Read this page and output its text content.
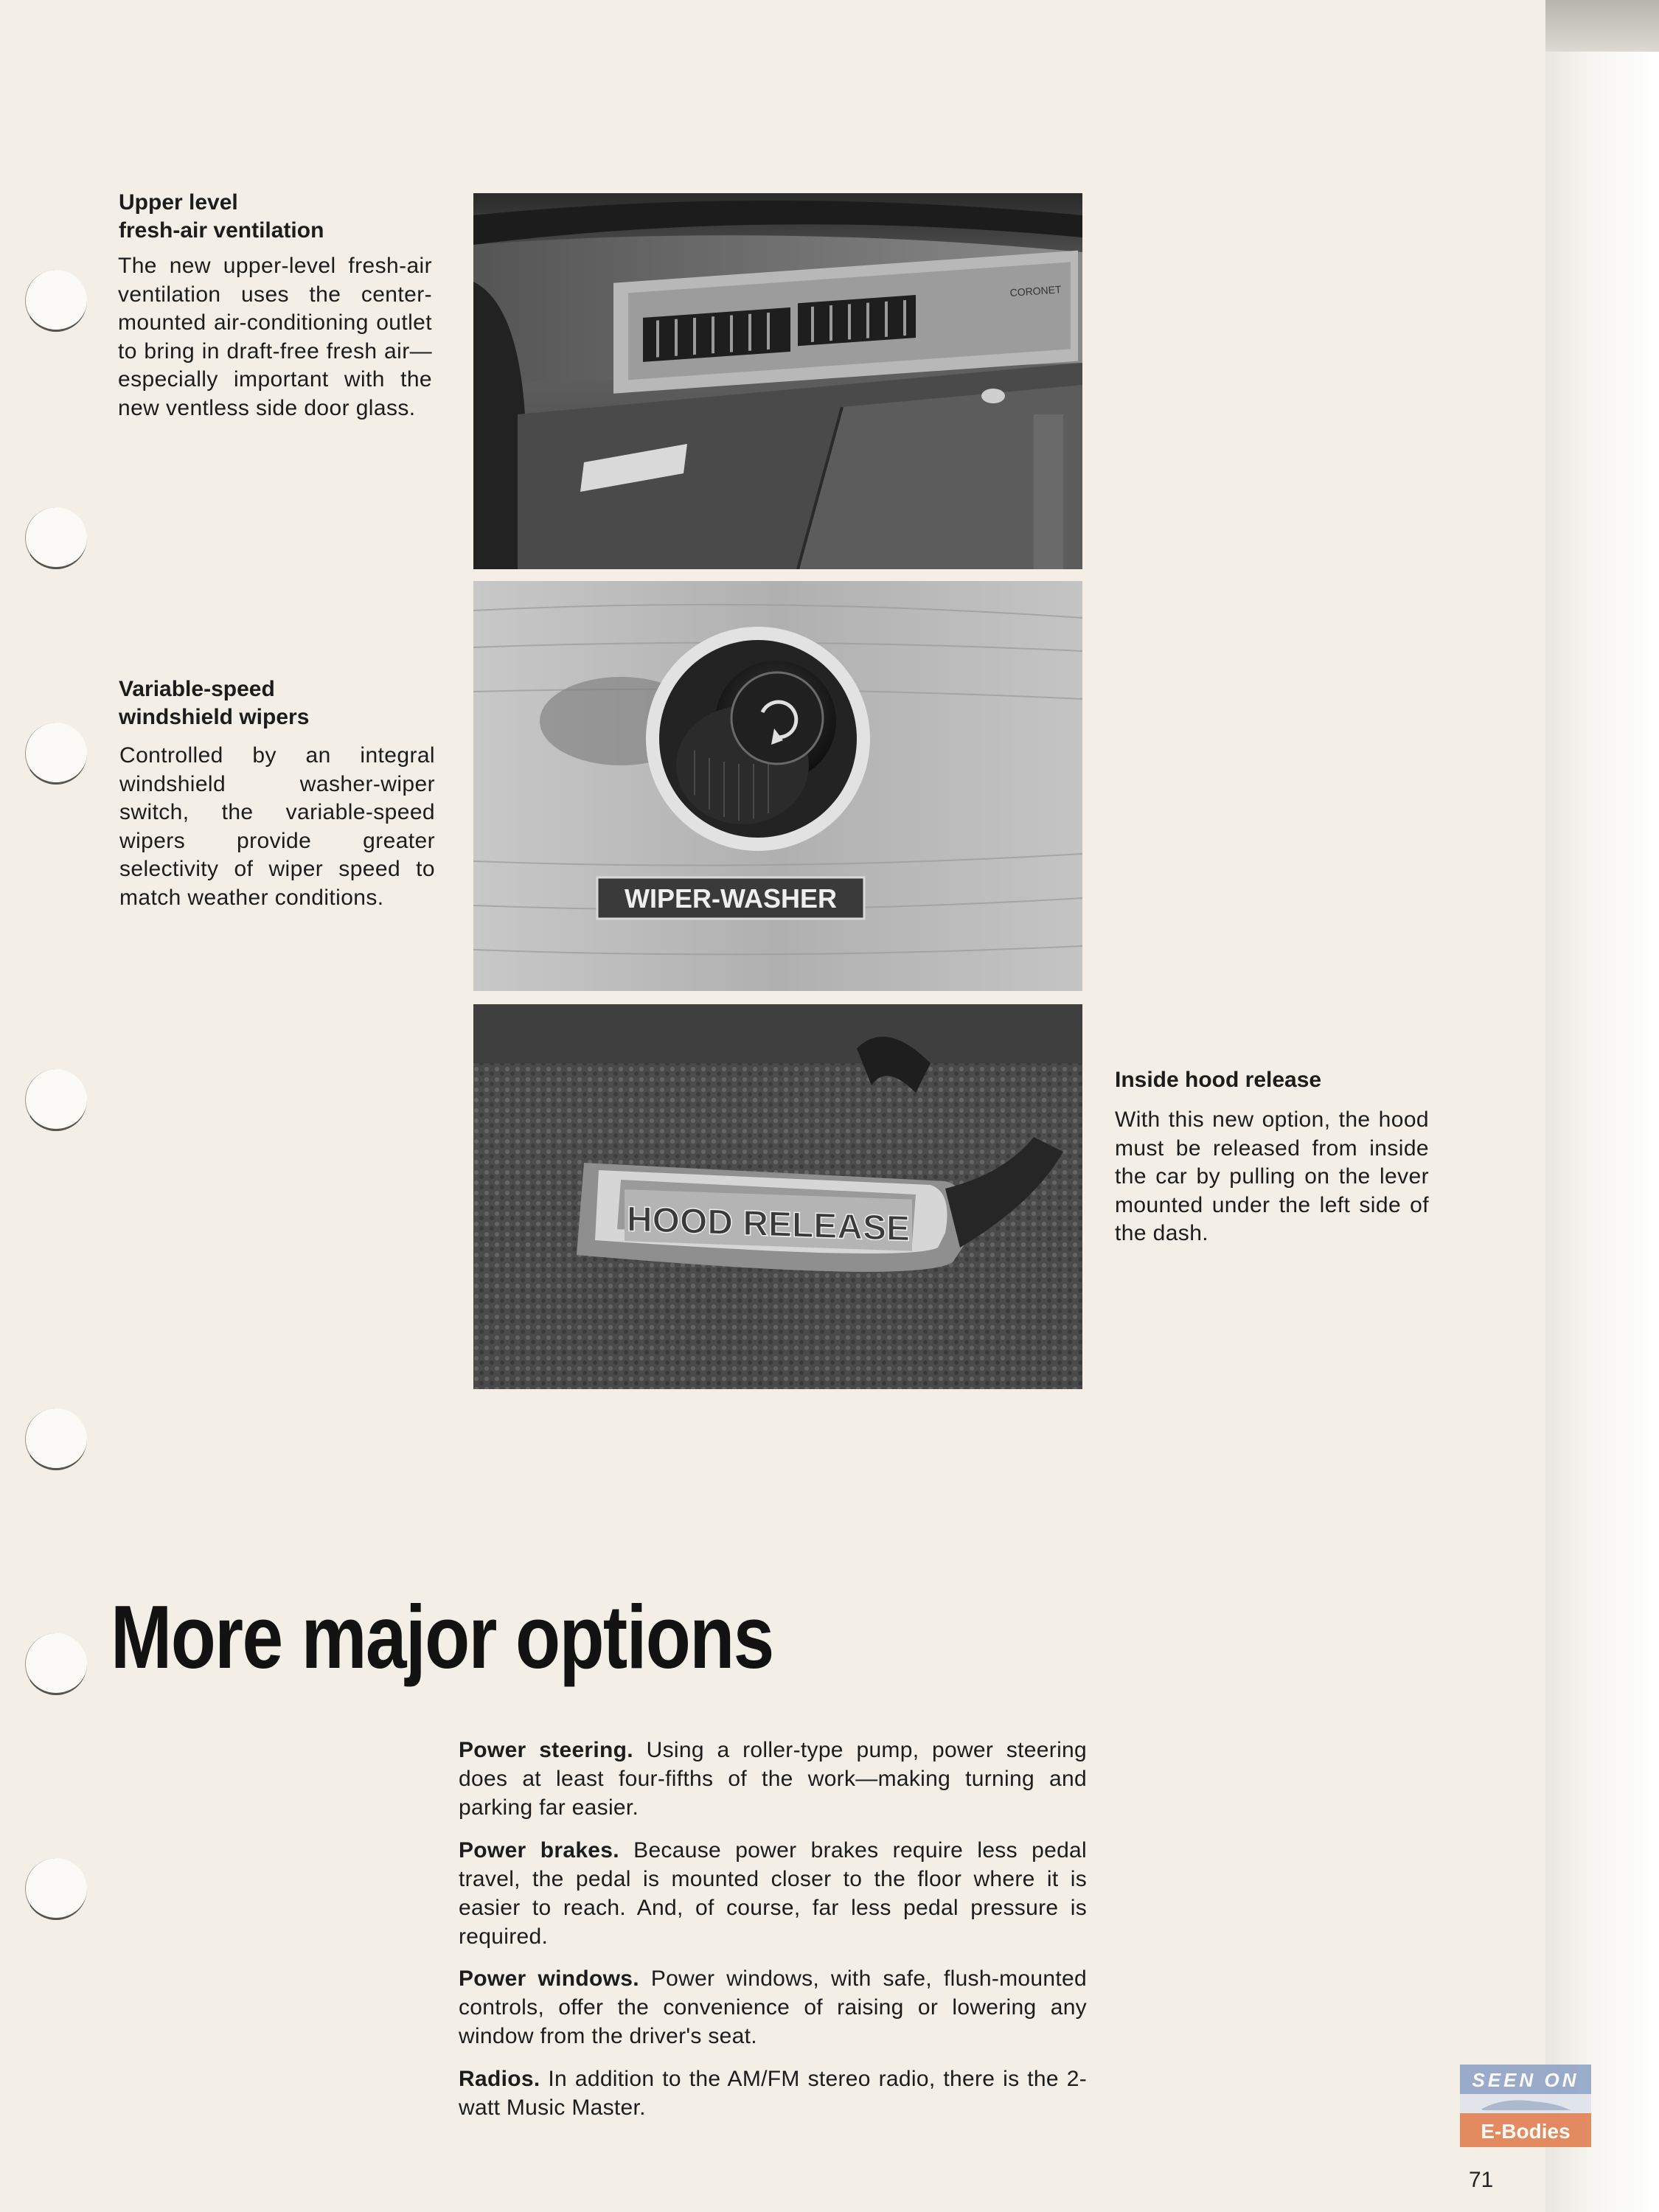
Upper level
fresh-air ventilation

The new upper-level fresh-air ventilation uses the center-mounted air-conditioning outlet to bring in draft-free fresh air—especially important with the new ventless side door glass.

Variable-speed
windshield wipers

Controlled by an integral windshield washer-wiper switch, the variable-speed wipers provide greater selectivity of wiper speed to match weather conditions.

Inside hood release

With this new option, the hood must be released from inside the car by pulling on the lever mounted under the left side of the dash.

CORONET
WIPER-WASHER
HOOD RELEASE
More major options

Power steering. Using a roller-type pump, power steering does at least four-fifths of the work—making turning and parking far easier.

Power brakes. Because power brakes require less pedal travel, the pedal is mounted closer to the floor where it is easier to reach. And, of course, far less pedal pressure is required.

Power windows. Power windows, with safe, flush-mounted controls, offer the convenience of raising or lowering any window from the driver's seat.

Radios. In addition to the AM/FM stereo radio, there is the 2-watt Music Master.

SEEN ON
E-Bodies
71
